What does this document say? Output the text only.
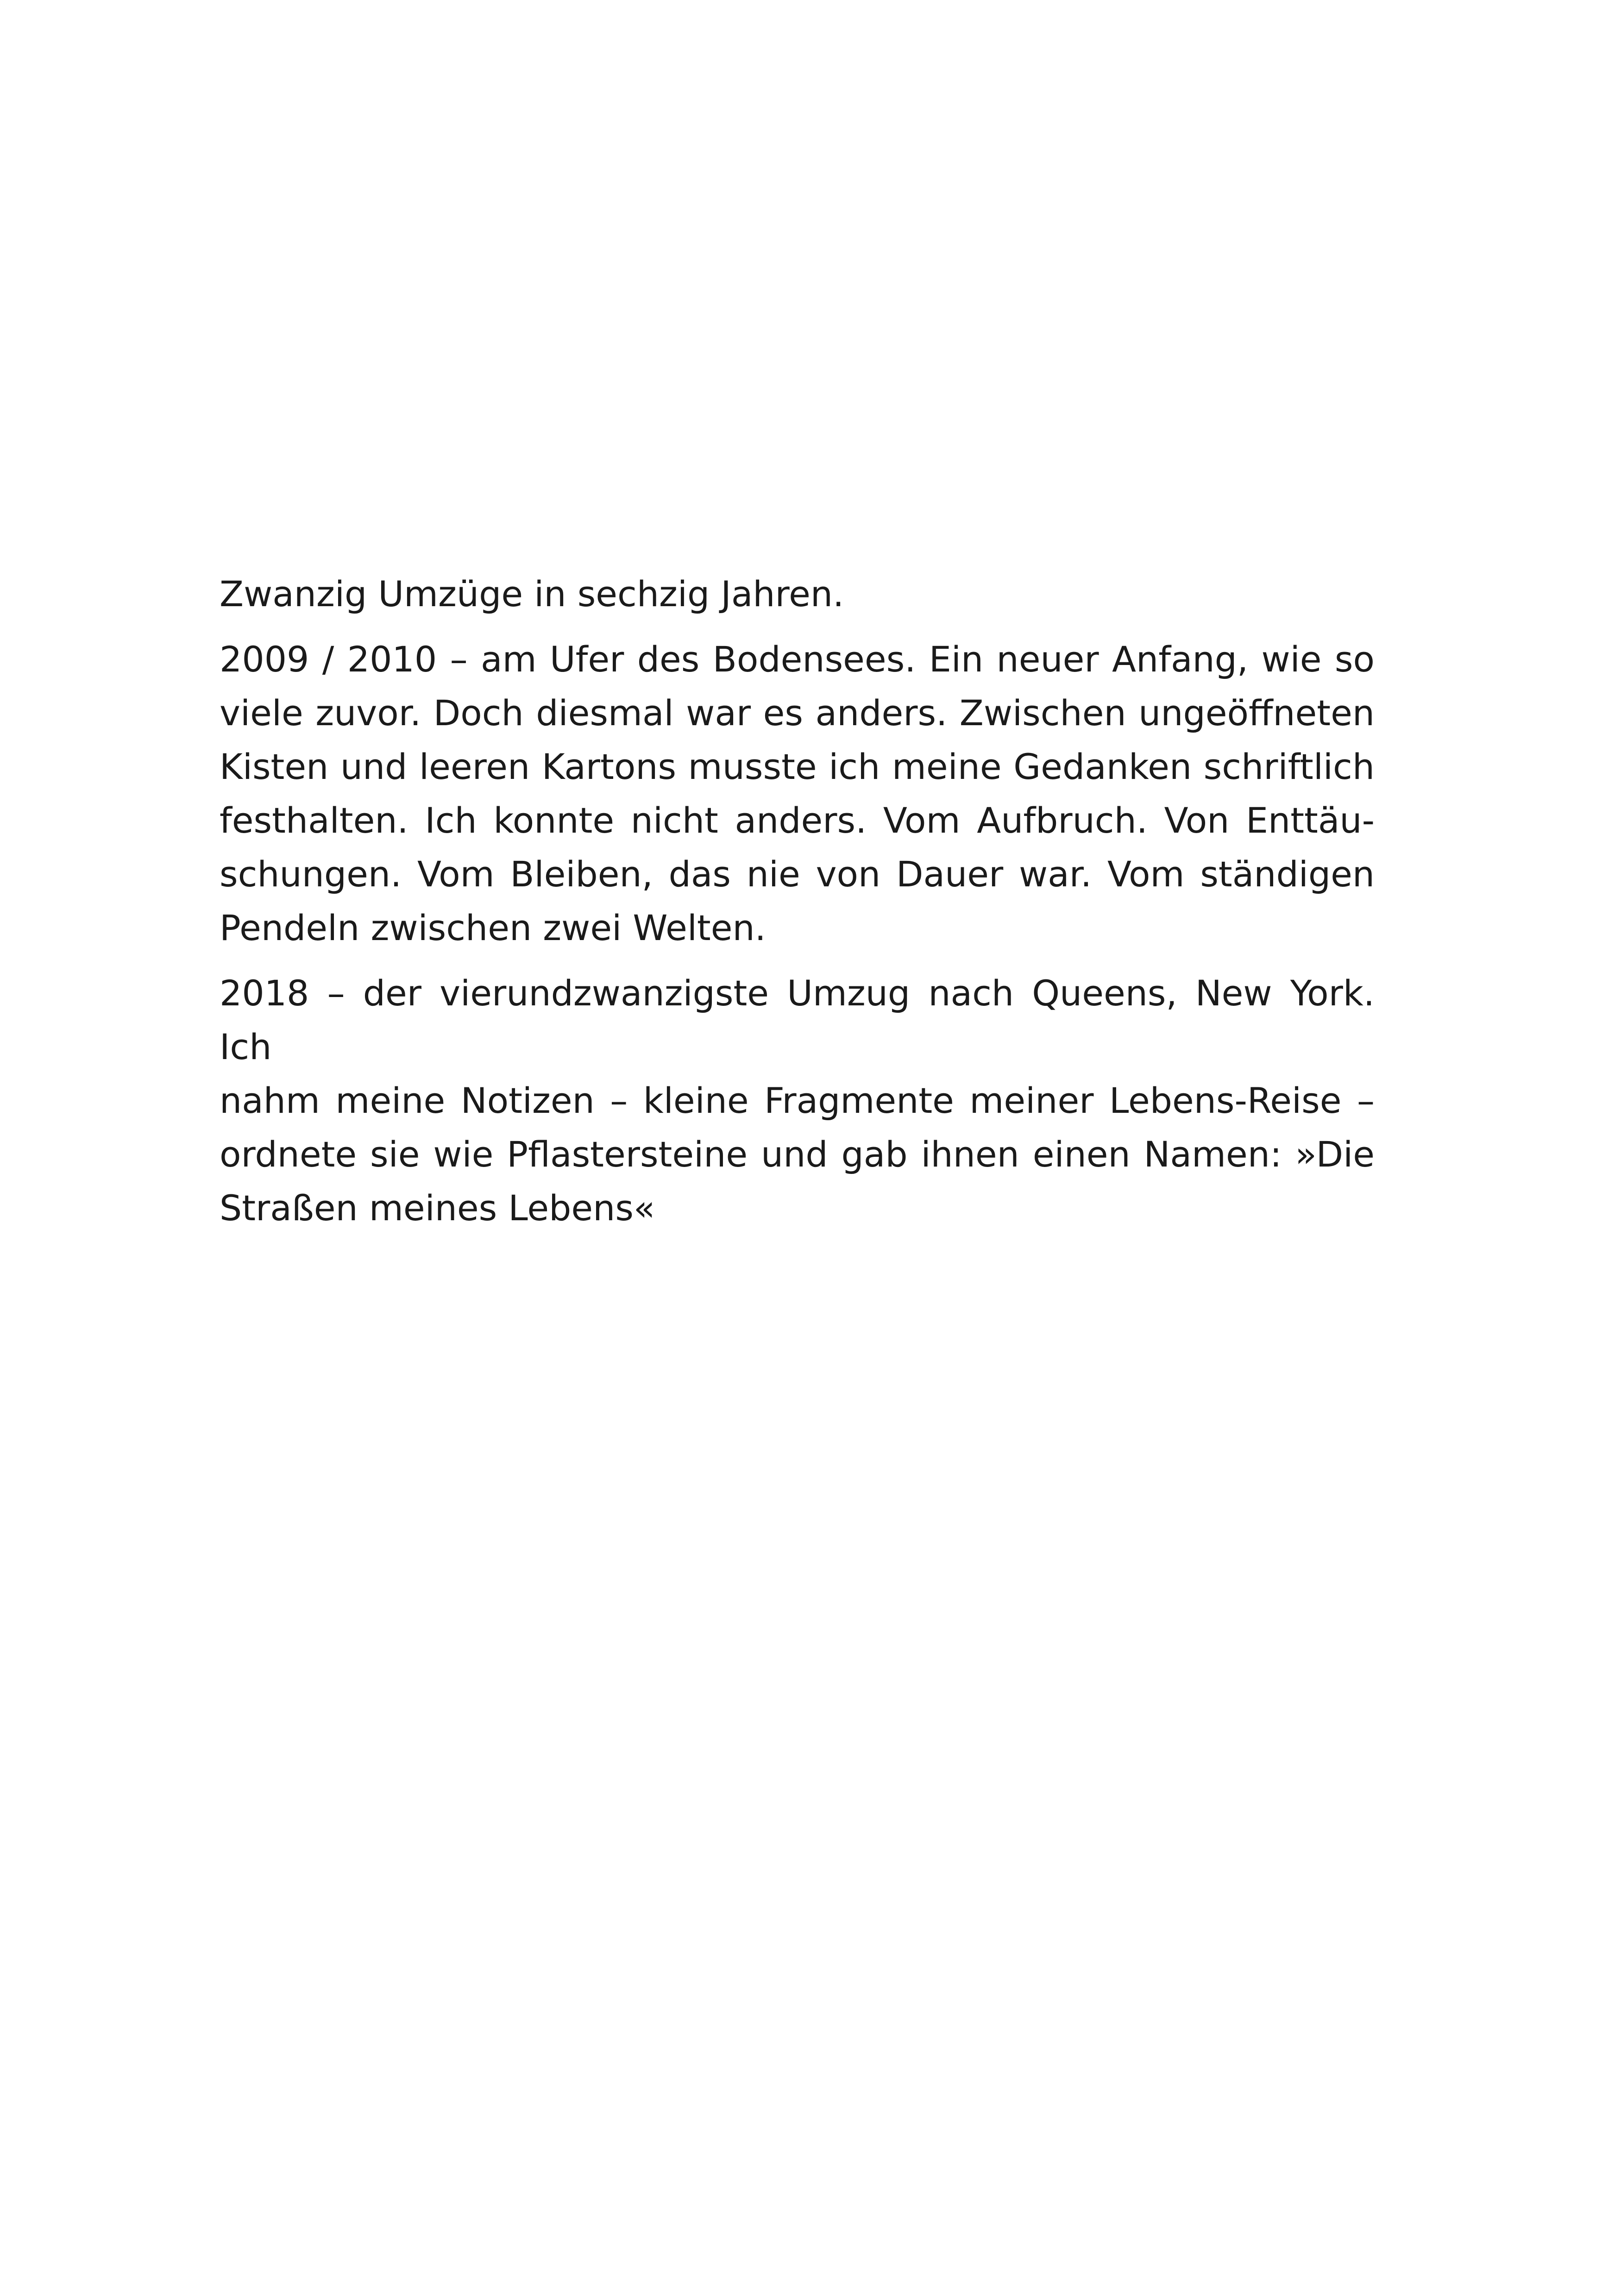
Zwanzig Umzüge in sechzig Jahren.

2009 / 2010 – am Ufer des Bodensees. Ein neuer Anfang, wie so
viele zuvor. Doch diesmal war es anders. Zwischen ungeöffneten
Kisten und leeren Kartons musste ich meine Gedanken schriftlich
festhalten. Ich konnte nicht anders. Vom Aufbruch. Von Enttäu-
schungen. Vom Bleiben, das nie von Dauer war. Vom ständigen
Pendeln zwischen zwei Welten.

2018 – der vierundzwanzigste Umzug nach Queens, New York. Ich
nahm meine Notizen – kleine Fragmente meiner Lebens-Reise –
ordnete sie wie Pflastersteine und gab ihnen einen Namen: »Die
Straßen meines Lebens«
